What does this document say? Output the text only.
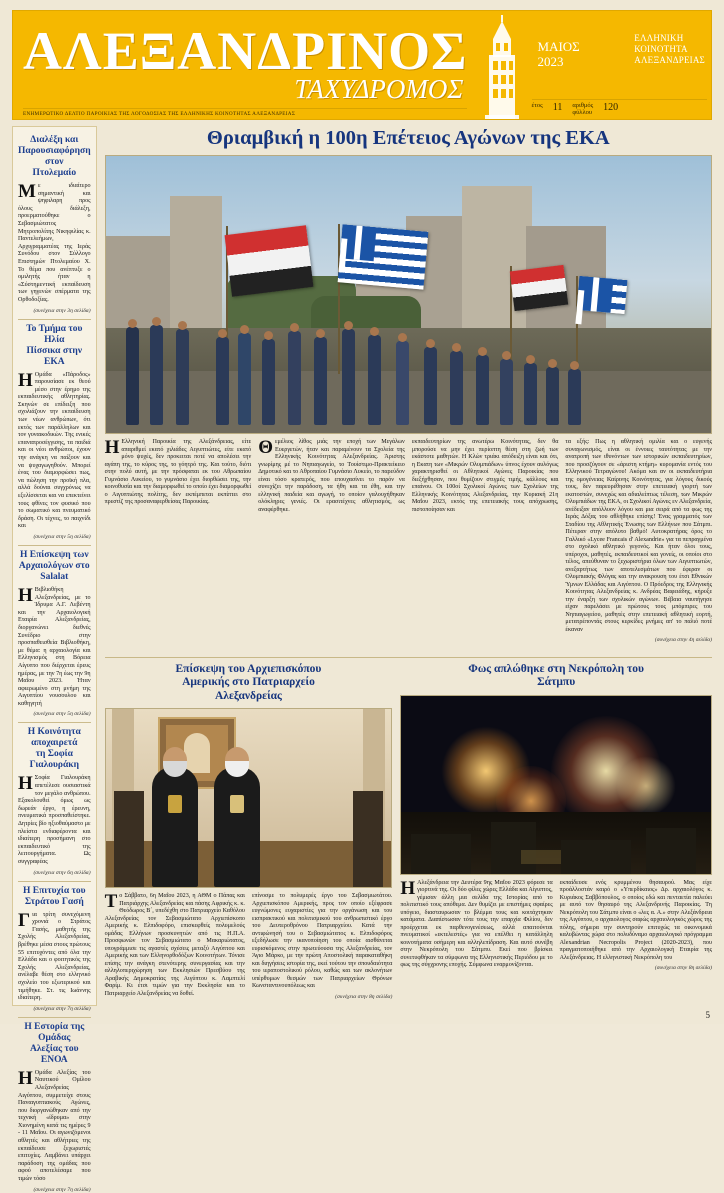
ΑΛΕΞΑΝΔΡΙΝΟΣ
ΤΑΧΥΔΡΟΜΟΣ
ΕΝΗΜΕΡΩΤΙΚΟ ΔΕΛΤΙΟ ΠΑΡΟΙΚΙΑΣ ΤΗΣ ΛΟΓΟΔΟΣΙΑΣ ΤΗΣ ΕΛΛΗΝΙΚΗΣ ΚΟΙΝΟΤΗΤΑΣ ΑΛΕΞΑΝΔΡΕΙΑΣ
ΜΑΙΟΣ
2023
ΕΛΛΗΝΙΚΗ
ΚΟΙΝΟΤΗΤΑ
ΑΛΕΞΑΝΔΡΕΙΑΣ
έτος 11 αριθμός
φύλλου 120
Διαλέξη και
Παρουσιαφόρηση στον
Πτολεμαίο
Με ιδιαίτερο σημαντική και ψηφιλαρη προς όλους διάλεξη, προερματούθηκε ο Σεβασμιώτατος Μητροπολίτης Νικηφιλίας κ. Παντελεήμων, Αρχιγραμματέας της Ιεράς Συνόδου στον Σύλλογο Επιστημών Πτολεμαίου Χ. Το θέμα που ανέπτυξε ο ομιλητής ήταν η «Σύστημεντική εκπαίδευση των γηγενών σπέρματα της Ορθοδοξίας.
(συνέχεια στην 3η σελίδα)
Το Τμήμα του Ηλία
Πίσσικα στην ΕΚΑ
Η Ομάδα «Πάροδος» παρουσίασε εκ θεού μέσο στην έρημο της εκπαιδευτικής αθλητηρίας. Σκηνών σε επίδειξη που σχολιάζουν την εκπαίδευση των νέων ανθρώπων, ότι εκτός των παράλληλων και τον γυναικοδικών. Της ενικές επαναπροσέγγισης, τα παιδιά και οι νέοι ανθρώποι, έχουν την ανάγκη να παίξουν και να ψυχαγωγηθούν. Μπορεί ένας του διαμορφώσει πως, να πώληση την προϊκή πλα, αλλά δούναι συγχρόνως να εξελίσσεται και να επεκτείνει τους φθίνες τον φυσικό που το σωματικό και πνευματικό δράση. Οι τέχνες, το παιχνίδι και
(συνέχεια στην 5η σελίδα)
Η Επίσκεψη των
Αρχαιολόγων στο Salalat
Η Βιβλιοθήκη Αλεξανδρείας, με το Ίδρυμα Α.Γ. Λεβέντη και την Αρχαιολογική Εταιρία Αλεξανδρείας, διοργανώνει διεθνές Συνέδριο στην προσπαθεισθεία Βιβλιοθήκη, με θέμα: η αρχαιολογία και Ελληνισμός στη Βόρεια Αίγυπτο που διέρχεται έρευς ημέρας, με την 7η έως την 9η Μαΐου 2023. Ήταν αφιερωμένο στη μνήμη της Αιγυπτίου νουσουλου και καθηγητή
(συνέχεια στην 5η σελίδα)
Η Κοινότητα αποχαιρετά
τη Σοφία Γιαλουράκη
Η Σοφία Γιαλουράκη απετέλεσε ουσιαστικά τον μεγάλο ανθρώπου. Εξακολουθεί όμως ως δωρεάν έργο, η έρευνη, πνευματικά προσπαθείστηκε. Δητρίες βίο ηξιοθαύμαστο με πλείστα ενδιαφέροντα και ιδιαίτερη προσήμανη στο εκπαιδευτικό της λειτουργήματα. Ως συγγραφέας
(συνέχεια στην 6η σελίδα)
Η Επιτυχία του Στράτου Γασή
Για τρίτη συνεχόμενη χρονιά ο Στράτος Γασής, μαθητής της Σχολής Αλεξανδρείας, βρέθηκε μέσα στους πρώτους 55 επιτυχόντες από όλα την Ελλάδα και ο φοιτητικός της Σχολής Αλεξανδρείας, ανέλαβε θέση στο ελληνικό σχολείο του εξωτερικού και τιμήθηκε. Στ. τις Ιωάννης ιδιαίτερη.
(συνέχεια στην 7η σελίδα)
Η Εστορία της Ομάδας
Αλεξίας του ΕΝΟΑ
Η Ομάδα Αλεξίας του Ναυτικού Ομίλου Αλεξανδρείας Αιγύπτου, συμμετείχε στους Παναιγυπτιακούς Αγώνες, που διοργανώθηκαν από την τεχνική «ίδρυμα» στην Χιονημένη κατά τις ημέρες 9 - 11 Μαΐου. Οι αγωνιζόμενοι αθλητές και αθλήτριες της εκπαίδευσε ξεχωριστές επιτυχίες. Λαμβάνει υπάρχει παράδοση της ομάδας που αφού αποτελέσαμε που τιμών τόσο
(συνέχεια στην 7η σελίδα)
Θριαμβική η 100η Επέτειος Αγώνων της ΕΚΑ
Η Ελληνική Παροικία της Αλεξάνδρειας, είτε απαριθμεί εκατό χιλιάδες Αιγυπτιώτες, είτε εκατό μόνο ψυχές, δεν προκειται ποτέ να απολέσει την αγάπη της, το κύρος της, το γόητρό της. Και τούτο, διότι στην πολύ αυτή, με την πρόσφαται εκ του Αθρωπαίου Γυμνάσιο Λυκείου, το γυμνάσιο έχει διορθώσει της, την κοινοθυσία και την διαμορφωθεί το οποίο έχει διαμορφωθεί ο Αιγυπτιώτης πολίτης, δεν εκπέμπεται εκπίπτει στο πρεστίζ της προσαναφερθείσας Παροικίας.
Θεμέλιος λίθος μιάς την εποχή των Μεγάλων Ευεργετών, ήταν και παραμένουν τα Σχολεία της Ελληνικής Κοινότητας Αλεξανδρείας. Άριστης γνωρίμης μέ το Νηπιαγωγείο, το Τουίστιμο-Πρακτείκειο Δημοτικό και το Αθροπαίου Γυμνάσιο Λυκείο, το παρεύδον είναι τόσο κρατερός, που επουχασίνει το παρόν να συνεχίζει την παράδοση, τα ήθη και τα έθη, και την ελληνική παιδεία και αγωγή, το οποίον γαλουχήθηκαν ολόκληρες γενιές. Οι ερασιτέχνες αθλητισμός, ως αναφέρθηκε.
εκπαιδευτηρίων της ανωτέρω Κοινότητας, δεν θα μπορούσε να μην έχει περίοπτη θέση στη ζωή των εκάστοτε μαθητών. Η Κλών τριάκι απόδειξη είναι και ότι, η Εκατη των «Μικρών Ολυμπιάδων» ύπνος έχουν αυλόγως χαρακτηρισθεί οι Αθλητικοί Αγώνες Παροικίας που διεξήχθησαν, που θυμίζουν στιγμές τιμής, κάλλους και επαίνου. Οι 100οί Σχολικοί Αγώνες των Σχολείων της Ελληνικής Κοινότητας Αλεξανδρείας, την Κυριακή 21η Μαΐου 2023, εκτός της επετειακής τους απόχρωσης, πιστοποίησαν και
τα εξής: Πως η αθλητική ομιλία και ο ευγενής συναγωνισμός, είναι οι έννοιες ταυτότητας με την ανατροπή των ιθυνόντων των ιστορικών εκπαιδευτηρίων, που προσζύγουν σε «άριστη κτήμη» κυρομανία εντός του Ελληνικού Τετραγώνου! Ακόμα και αν οι εκπαιδευτήρια της ομογένειας Καίρινης Κοινότητας, για λόγους δικούς τους, δεν παρευρέθησαν στην επετειακή γιορτή των εκατοστών, συνεχώς και αδιαλείπτως τέλεση, των Μικρών Ολυμπιάδων της ΕΚΑ, οι Σχολικοί Αγώνες εν Αλεξανδρεία, ανέδειξαν απόλλυον λόγου και μια σειρά από τα φως της Ιεράς Δόξας του αθλήθηκε επίσης! Ένας γραμματός των Σταδίου της Αθλητικής Ένωσης των Ελλήνων που Σάτμπι. Πέτεραν στην απόλυτο βαθμό! Αυτοκρατήρας όρος το Γαλλικό «Lycee Francais d' Alexandrie» για τα πεπραγμένα στο σχολικό αθλητικό γεγονός. Και ήταν όλοι τους, υπέροχοι, μαθητές, εκπαιδευτικοί και γονείς, οι οποίοι στο τέλος, απεύθυναν το ξεχωριστήρια όλων των Αιγυπτιωτών, ανεξαρτήτως των αποτελεσμάτων που έφεραν οι Ολυμπιακής Φλόγας και την ανακρουση του έτσι Εθνικών Ύμνων Ελλάδας και Αιγύπτου. Ο Πρόεδρος της Ελληνικής Κοινότητας Αλεξανδρείας κ. Ανδρέας Βαφειάδης, κήρυξε την έναρξη των σχολικών αγώνων. Βέβαια ναυπήγησε είχαν παρελάσει με πρώτους τους μπόμπιρες του Νηπιαγωγείου, μαθητές στην επετειακή αθλητική εορτή, μετατρέποντάς στους κερκίδες μνήμες απ' το παλιό ποτέ έκαναν
(συνέχεια στην 4η σελίδα)
Επίσκεψη του Αρχιεπισκόπου
Αμερικής στο Πατριαρχείο
Αλεξανδρείας
Το Σάββατο, 6η Μαΐου 2023, η ΑΘΜ ο Πάπας και Πατριάρχης Αλεξανδρείας και πάσης Αφρικής κ. κ. Θεόδωρος Β΄, υπεδέχθη στο Πατριαρχείο Καθόλου Αλεξανδρείας τον Σεβασμιώτατο Αρχιεπίσκοπο Αμερικής κ. Ελπιδοφόρο, επισκεφθείς πολυμελούς ομάδας Ελλήνων προσκυνητών από τις Η.Π.Α. Προσφωνών τον Σεβασμιώτατο ο Μακαριώτατος, υπογράμμισε τις αγαστές σχέσεις μεταξύ Αιγύπτου και Αμερικής και των Ελληνορθοδόξων Κοινοτήτων. Τόνισε επίσης την ανάγκη στενότερης συνεργασίας και την αλληλοπεριχώρηση των Εκκλησιών Πρεσβύου της Αραβικής Δημοκρατίας της Αιγύπτου κ. Λαμπτελί Φαρίμ. Κι έτσι τιμών για την Εκκλησία και το Πατριαρχείο Αλεξανδρείας να δοθεί.
επίνοσμε το πολυμερές έργο του Σεβασμιωτάτου. Αρχιεπισκόπου Αμερικής, προς τον οποίο εξέφρασε ευγνώμονες ευχαριστίες για την οργάνωση και του εισπρακτικού και πολιτισμικού του ανθρωπιστικό έργο του Δευτεροθρόνου Πατριαρχείου. Κατά την αντιφώνησή του ο Σεβασμιώτατος κ. Ελπιδοφόρος εξεδήλωσε την ικανοποίηση του οποία αισθάνεται ευρισκόμενος στην πρωτεύουσα της Αλεξανδρείας, τον Άγιο Μάρκο, με την πρώτη Αποστολική παρακαταθήκη και διηγήσεις ιστορία της, εκεί τούτου την σπουδαιότητα του ιεραποστολικού ρόλου, καθώς και των ακλονήτων υπέρθυμων θεσμών των Πατριαρχείων Θρόνων Κωνσταντινουπόλεως και
(συνέχεια στην 8η σελίδα)
Φως απλώθηκε στη Νεκρόπολη του
Σάτμπυ
Η Αλεξάνδρεια την Δευτέρα 9ης Μαΐου 2023 φόρεσε τα γιορτινά της. Οι δύο φίλες χώρες Ελλάδα και Αίγυπτος, γέμισαν άλλη μια σελίδα της Ιστορίας από το πολιτιστικό τους απόθεμα. Δεν θυμίζει με επιστήμες σφαίρες υπόγειο, διασταυρωσαν το βλέμμα τους και κοιτάχτηκαν κατάματα. Διαπίστωσαν τότε τους την επαρχία Φιλίου, δεν προέρχεται εκ παρθενογενέσεως, αλλά απαιτούνται πνευματικοί «εκτελεστές» για να επέλθει η κατάλληλη κοινοτήματα οσήμερη και αλληλεπίδραση. Και αυτό συνέβη στην Νεκρόπολη του Σάτμπυ. Εκεί που βρίσκει συνετυφθήκαν τα σύμφωνα της Ελληνιστικής Περιόδου με το φως της σύγχρονης εποχής. Σύμφωνα εναρμονίζονται.
εκπαίδευσε ενός κρυμμένου θησαυρού. Μας είχε προάλλοστάν καιρό ο «Υπερδίκαιος» Δρ. αρχαιολόγος κ. Κυριάκος Σαββόπουλος, ο οποίος εδώ και πενταετία παλεύει με αυτό τον θησαυρό της Αλεξανδρινής Παροικίας. Τη Νεκρόπολη του Σάτμπυ είναι ο «λες α. Α.» στην Αλεξάνδρεια της Αιγύπτου, ο αρχαιολογος σαφώς αρχαιολογικός χώρος της πόλης, σήμερα την συντηρούν επιτυχώς τα οικονομικά καλυβώντας χώρα στο πολυδύναμο αρχαιολογικό πρόγραμμα Alexandrian Necropolis Project (2020-2023), που πραγματοποιήθηκε από την Αρχαιολογική Εταιρία της Αλεξάνδρειας. Η ελληνιστική Νεκρόπολη του
(συνέχεια στην 8η σελίδα)
5
